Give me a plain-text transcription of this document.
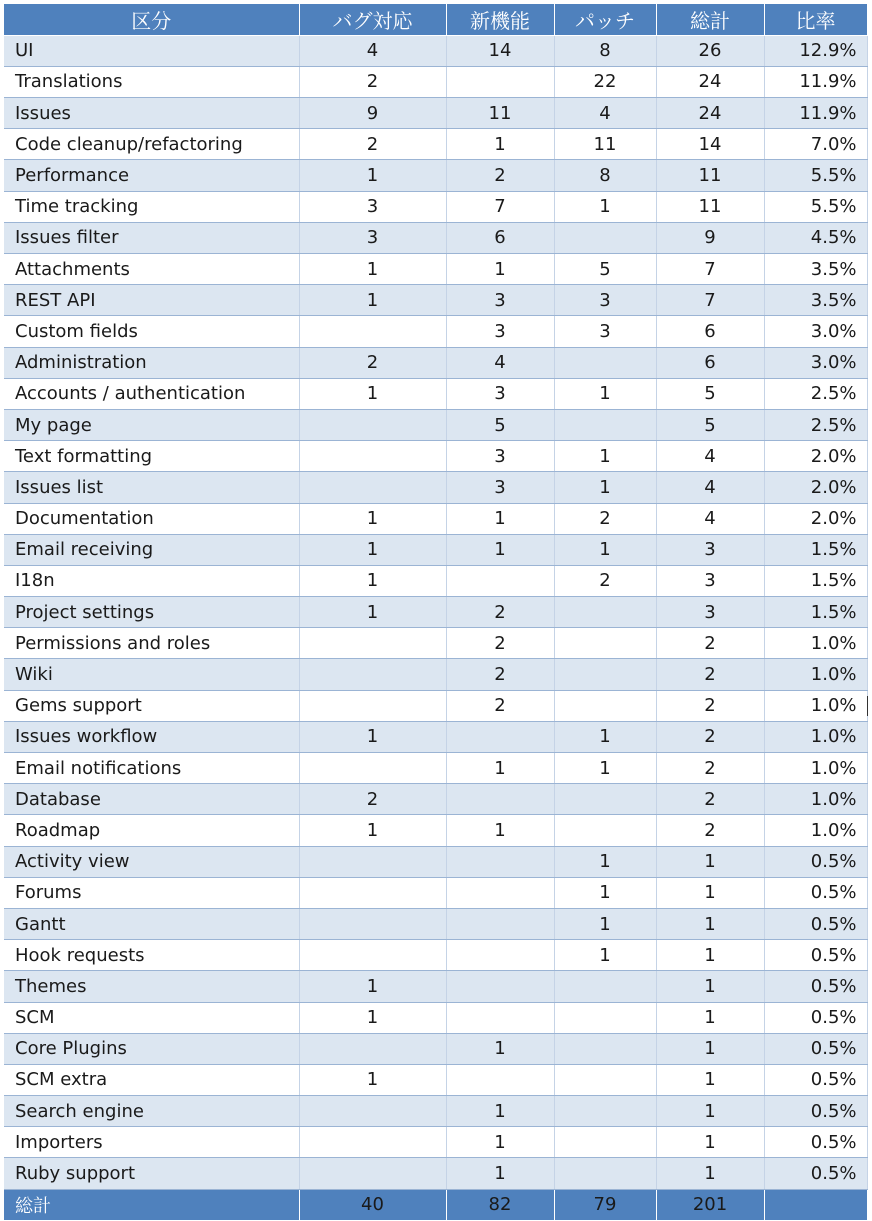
区分	バグ対応	新機能	パッチ	総計	比率
UI	4	14	8	26	12.9%
Translations	2		22	24	11.9%
Issues	9	11	4	24	11.9%
Code cleanup/refactoring	2	1	11	14	7.0%
Performance	1	2	8	11	5.5%
Time tracking	3	7	1	11	5.5%
Issues filter	3	6		9	4.5%
Attachments	1	1	5	7	3.5%
REST API	1	3	3	7	3.5%
Custom fields		3	3	6	3.0%
Administration	2	4		6	3.0%
Accounts / authentication	1	3	1	5	2.5%
My page		5		5	2.5%
Text formatting		3	1	4	2.0%
Issues list		3	1	4	2.0%
Documentation	1	1	2	4	2.0%
Email receiving	1	1	1	3	1.5%
I18n	1		2	3	1.5%
Project settings	1	2		3	1.5%
Permissions and roles		2		2	1.0%
Wiki		2		2	1.0%
Gems support		2		2	1.0%
Issues workflow	1		1	2	1.0%
Email notifications		1	1	2	1.0%
Database	2			2	1.0%
Roadmap	1	1		2	1.0%
Activity view			1	1	0.5%
Forums			1	1	0.5%
Gantt			1	1	0.5%
Hook requests			1	1	0.5%
Themes	1			1	0.5%
SCM	1			1	0.5%
Core Plugins		1		1	0.5%
SCM extra	1			1	0.5%
Search engine		1		1	0.5%
Importers		1		1	0.5%
Ruby support		1		1	0.5%
総計	40	82	79	201	
